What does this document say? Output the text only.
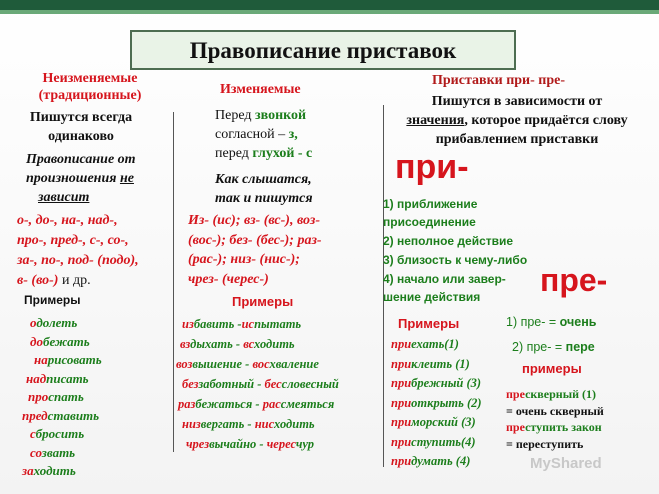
Правописание приставок
Неизменяемые
(традиционные)
Пишутся всегда
одинаково
Правописание от
произношения не
зависит
о-, до-, на-, над-,
про-, пред-, с-, со-,
за-, по-, под- (подо),
в- (во-) и др.
Примеры
одолеть
добежать
нарисовать
надписать
проспать
представить
сбросить
созвать
заходить
Изменяемые
Перед звонкой
согласной – з,
перед глухой - с
Как слышатся,
так и пишутся
Из- (ис); вз- (вс-), воз-
(вос-); без- (бес-); раз-
(рас-); низ- (нис-);
чрез- (черес-)
Примеры
избавить -испытать
вздыхать - всходить
возвышение - восхваление
беззаботный - бессловесный
разбежаться - рассмеяться
низвергать - нисходить
чрезвычайно - чересчур
Приставки при- пре-
Пишутся в зависимости от
значения, которое придаётся слову
прибавлением приставки
при-
1) приближение
присоединение
2) неполное действие
3) близость к чему-либо
4) начало или завер-
шение действия	пре-
1) пре- = очень
2) пре- = пере
Примеры
приехать(1)
приклеить (1)
прибрежный (3)
приоткрыть (2)
приморский (3)
приступить(4)
придумать (4)
примеры
прескверный (1)
= очень скверный
преступить закон
= переступить
MyShared
